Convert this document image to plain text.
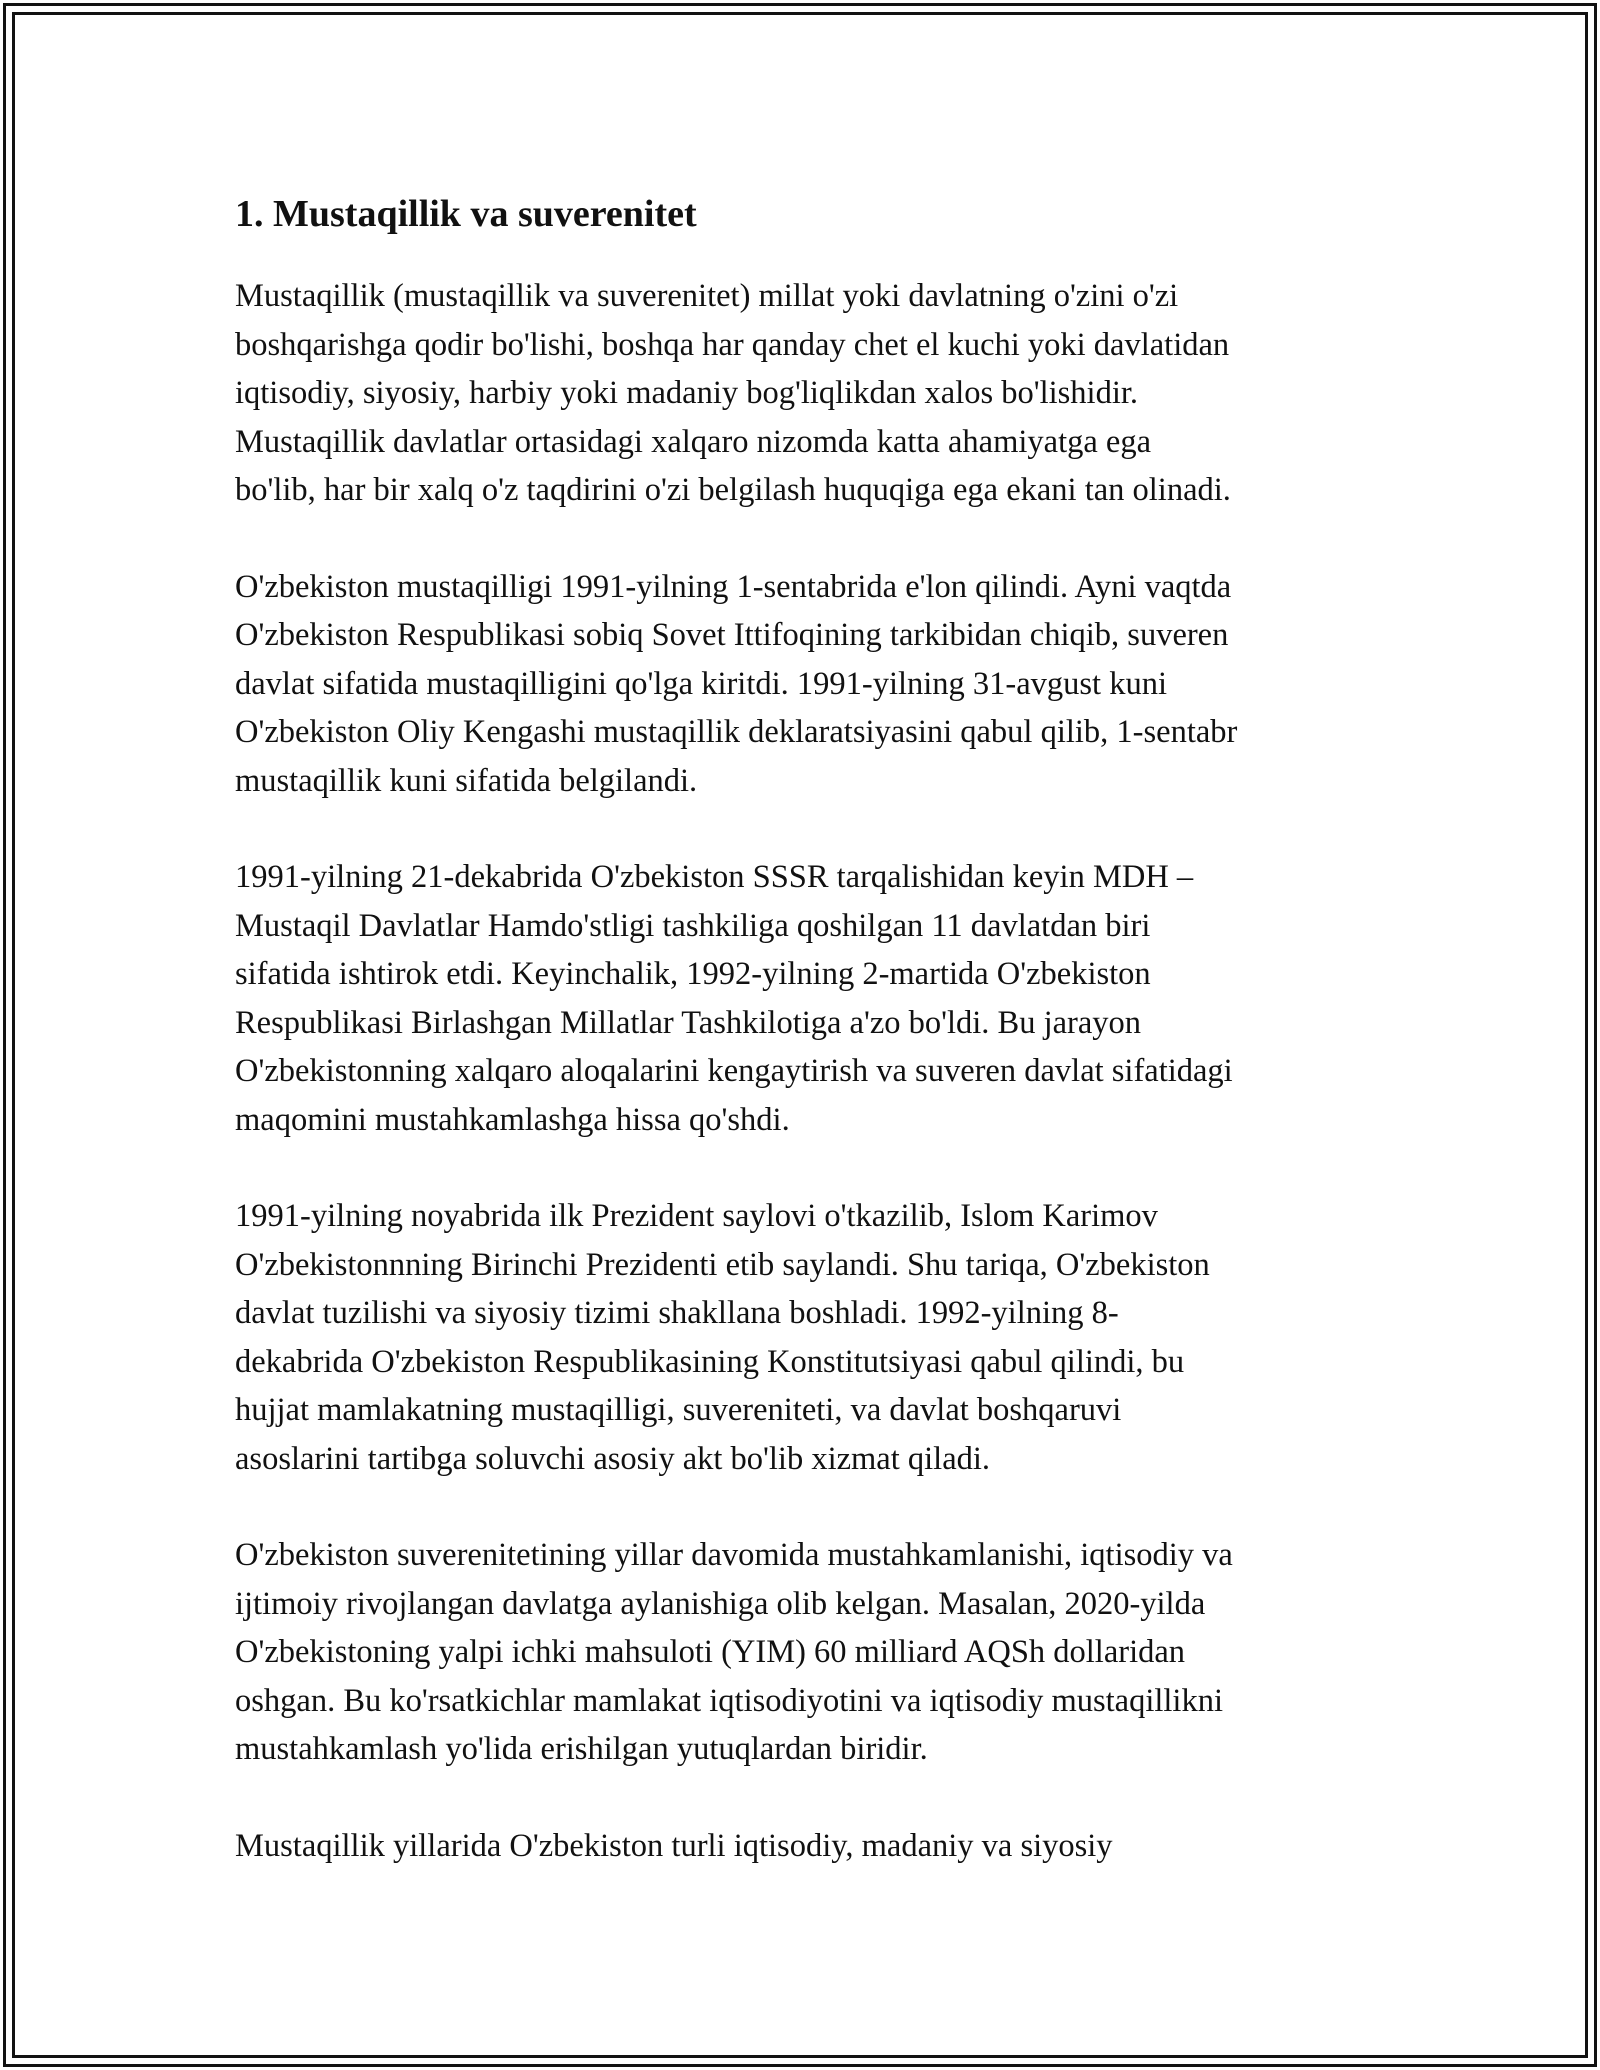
1. Mustaqillik va suverenitet
Mustaqillik (mustaqillik va suverenitet) millat yoki davlatning o'zini o'zi
boshqarishga qodir bo'lishi, boshqa har qanday chet el kuchi yoki davlatidan
iqtisodiy, siyosiy, harbiy yoki madaniy bog'liqlikdan xalos bo'lishidir.
Mustaqillik davlatlar ortasidagi xalqaro nizomda katta ahamiyatga ega
bo'lib, har bir xalq o'z taqdirini o'zi belgilash huquqiga ega ekani tan olinadi.
O'zbekiston mustaqilligi 1991-yilning 1-sentabrida e'lon qilindi. Ayni vaqtda
O'zbekiston Respublikasi sobiq Sovet Ittifoqining tarkibidan chiqib, suveren
davlat sifatida mustaqilligini qo'lga kiritdi. 1991-yilning 31-avgust kuni
O'zbekiston Oliy Kengashi mustaqillik deklaratsiyasini qabul qilib, 1-sentabr
mustaqillik kuni sifatida belgilandi.
1991-yilning 21-dekabrida O'zbekiston SSSR tarqalishidan keyin MDH –
Mustaqil Davlatlar Hamdo'stligi tashkiliga qoshilgan 11 davlatdan biri
sifatida ishtirok etdi. Keyinchalik, 1992-yilning 2-martida O'zbekiston
Respublikasi Birlashgan Millatlar Tashkilotiga a'zo bo'ldi. Bu jarayon
O'zbekistonning xalqaro aloqalarini kengaytirish va suveren davlat sifatidagi
maqomini mustahkamlashga hissa qo'shdi.
1991-yilning noyabrida ilk Prezident saylovi o'tkazilib, Islom Karimov
O'zbekistonnning Birinchi Prezidenti etib saylandi. Shu tariqa, O'zbekiston
davlat tuzilishi va siyosiy tizimi shakllana boshladi. 1992-yilning 8-
dekabrida O'zbekiston Respublikasining Konstitutsiyasi qabul qilindi, bu
hujjat mamlakatning mustaqilligi, suvereniteti, va davlat boshqaruvi
asoslarini tartibga soluvchi asosiy akt bo'lib xizmat qiladi.
O'zbekiston suverenitetining yillar davomida mustahkamlanishi, iqtisodiy va
ijtimoiy rivojlangan davlatga aylanishiga olib kelgan. Masalan, 2020-yilda
O'zbekistoning yalpi ichki mahsuloti (YIM) 60 milliard AQSh dollaridan
oshgan. Bu ko'rsatkichlar mamlakat iqtisodiyotini va iqtisodiy mustaqillikni
mustahkamlash yo'lida erishilgan yutuqlardan biridir.
Mustaqillik yillarida O'zbekiston turli iqtisodiy, madaniy va siyosiy
